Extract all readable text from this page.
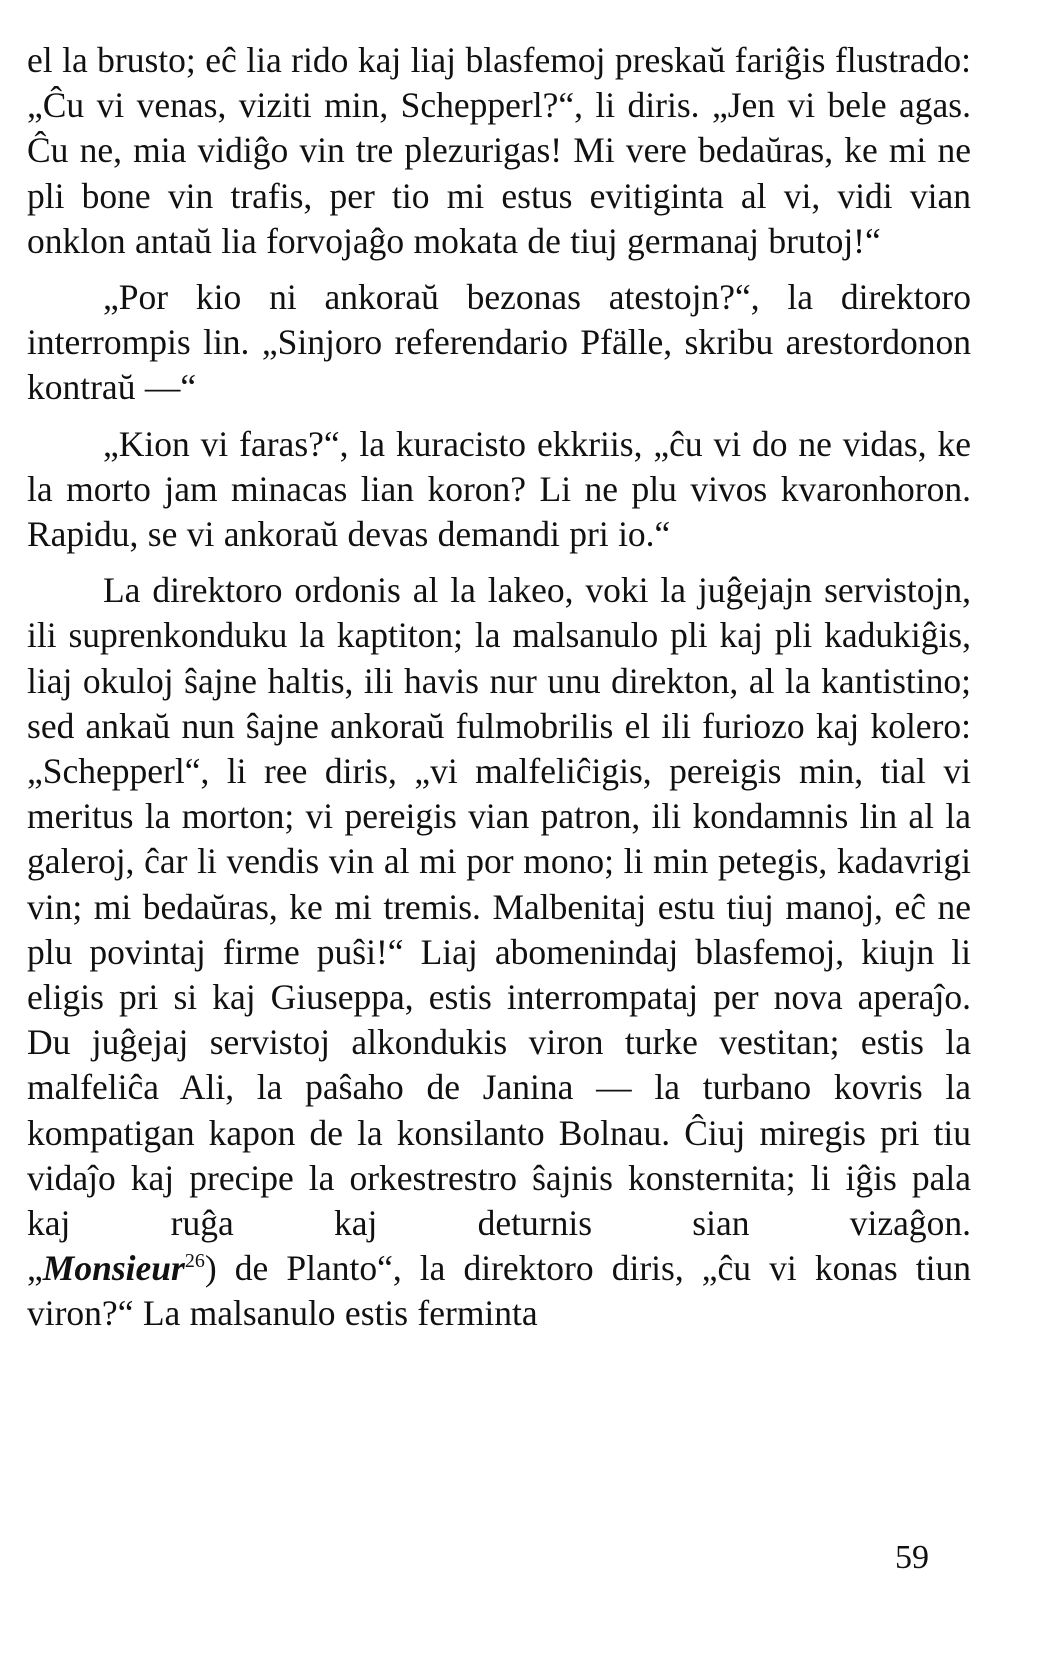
el la brusto; eĉ lia rido kaj liaj blasfemoj preskaŭ fariĝis flustrado: „Ĉu vi venas, viziti min, Schepperl?“, li diris. „Jen vi bele agas. Ĉu ne, mia vidiĝo vin tre plezurigas! Mi vere bedaŭras, ke mi ne pli bone vin trafis, per tio mi estus evitiginta al vi, vidi vian onklon antaŭ lia forvojaĝo mokata de tiuj germanaj brutoj!“

„Por kio ni ankoraŭ bezonas atestojn?“, la direktoro interrompis lin. „Sinjoro referendario Pfälle, skribu arestordonon kontraŭ —“

„Kion vi faras?“, la kuracisto ekkriis, „ĉu vi do ne vidas, ke la morto jam minacas lian koron? Li ne plu vivos kvaronhoron. Rapidu, se vi ankoraŭ devas demandi pri io.“

La direktoro ordonis al la lakeo, voki la juĝejajn servistojn, ili suprenkonduku la kaptiton; la malsanulo pli kaj pli kadukiĝis, liaj okuloj ŝajne haltis, ili havis nur unu direkton, al la kantistino; sed ankaŭ nun ŝajne ankoraŭ fulmobrilis el ili furiozo kaj kolero: „Schepperl“, li ree diris, „vi malfeliĉigis, pereigis min, tial vi meritus la morton; vi pereigis vian patron, ili kondamnis lin al la galeroj, ĉar li vendis vin al mi por mono; li min petegis, kadavrigi vin; mi bedaŭras, ke mi tremis. Malbenitaj estu tiuj manoj, eĉ ne plu povintaj firme puŝi!“ Liaj abomenindaj blasfemoj, kiujn li eligis pri si kaj Giuseppa, estis interrompataj per nova aperaĵo. Du juĝejaj servistoj alkondukis viron turke vestitan; estis la malfeliĉa Ali, la paŝaho de Janina — la turbano kovris la kompatigan kapon de la konsilanto Bolnau. Ĉiuj miregis pri tiu vidaĵo kaj precipe la orkestrestro ŝajnis konsternita; li iĝis pala kaj ruĝa kaj deturnis sian vizaĝon.

„Monsieur$^{26}$) de Planto“, la direktoro diris, „ĉu vi konas tiun viron?“ La malsanulo estis ferminta

59
